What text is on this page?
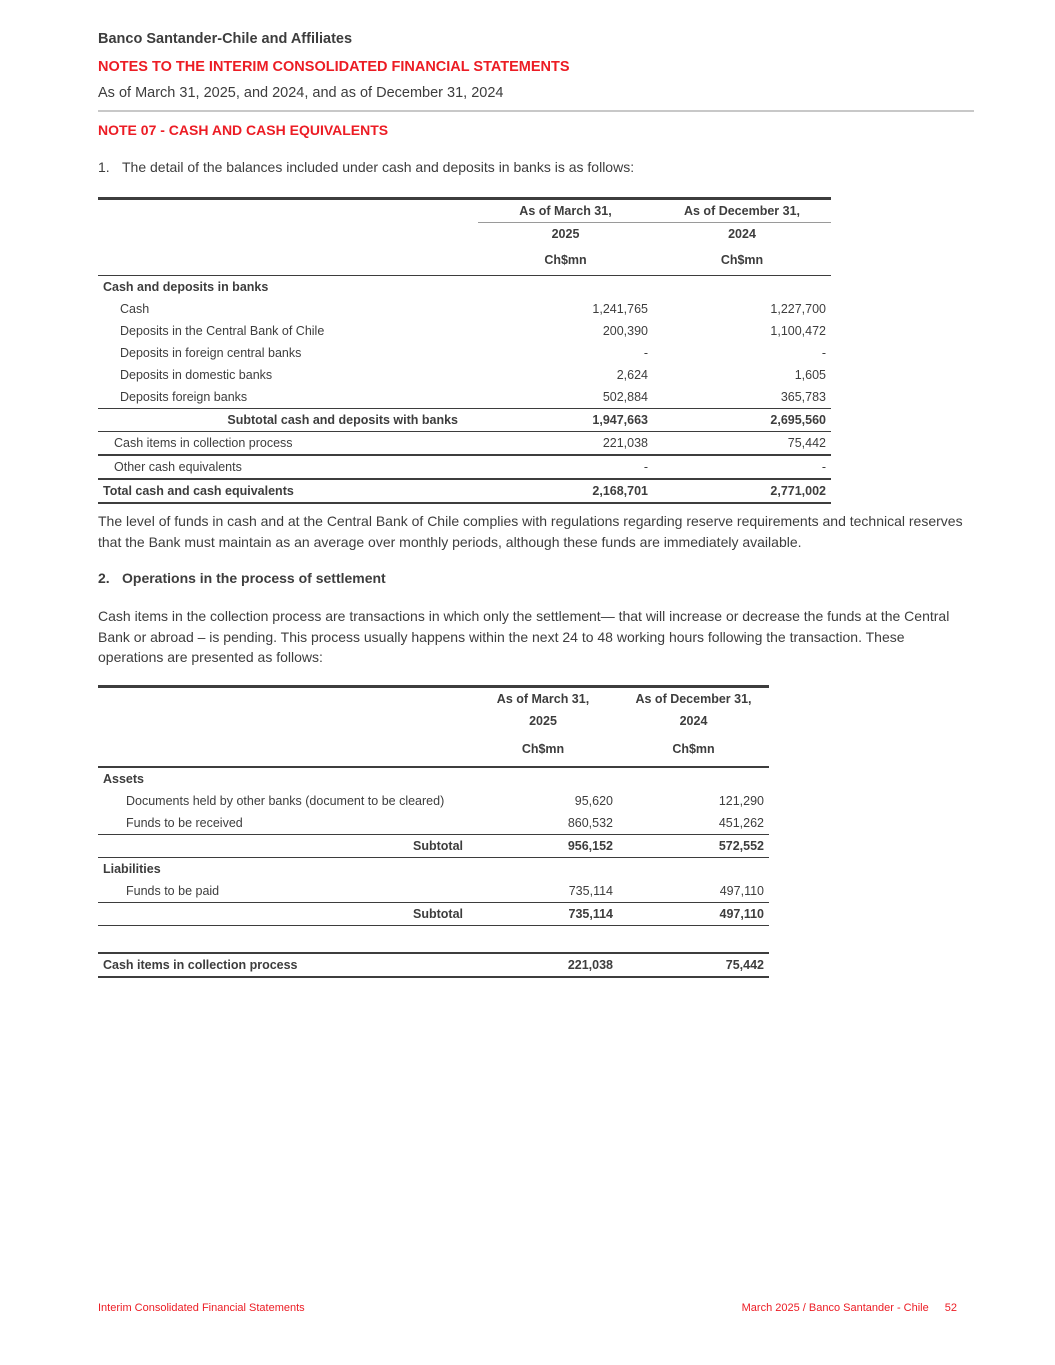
Banco Santander-Chile and Affiliates
NOTES TO THE INTERIM CONSOLIDATED FINANCIAL STATEMENTS
As of March 31, 2025, and 2024, and as of December 31, 2024
NOTE 07 - CASH AND CASH EQUIVALENTS
1. The detail of the balances included under cash and deposits in banks is as follows:
	As of March 31,	As of December 31,
	2025	2024
	Ch$mn	Ch$mn
Cash and deposits in banks		
Cash	1,241,765	1,227,700
Deposits in the Central Bank of Chile	200,390	1,100,472
Deposits in foreign central banks	-	-
Deposits in domestic banks	2,624	1,605
Deposits foreign banks	502,884	365,783
Subtotal cash and deposits with banks	1,947,663	2,695,560
Cash items in collection process	221,038	75,442
Other cash equivalents	-	-
Total cash and cash equivalents	2,168,701	2,771,002

The level of funds in cash and at the Central Bank of Chile complies with regulations regarding reserve requirements and technical reserves that the Bank must maintain as an average over monthly periods, although these funds are immediately available.

2. Operations in the process of settlement

Cash items in the collection process are transactions in which only the settlement— that will increase or decrease the funds at the Central Bank or abroad – is pending. This process usually happens within the next 24 to 48 working hours following the transaction. These operations are presented as follows:

	As of March 31,	As of December 31,
	2025	2024
	Ch$mn	Ch$mn
Assets		
Documents held by other banks (document to be cleared)	95,620	121,290
Funds to be received	860,532	451,262
Subtotal	956,152	572,552
Liabilities		
Funds to be paid	735,114	497,110
Subtotal	735,114	497,110

Cash items in collection process	221,038	75,442
Interim Consolidated Financial Statements	March 2025 / Banco Santander - Chile 52
